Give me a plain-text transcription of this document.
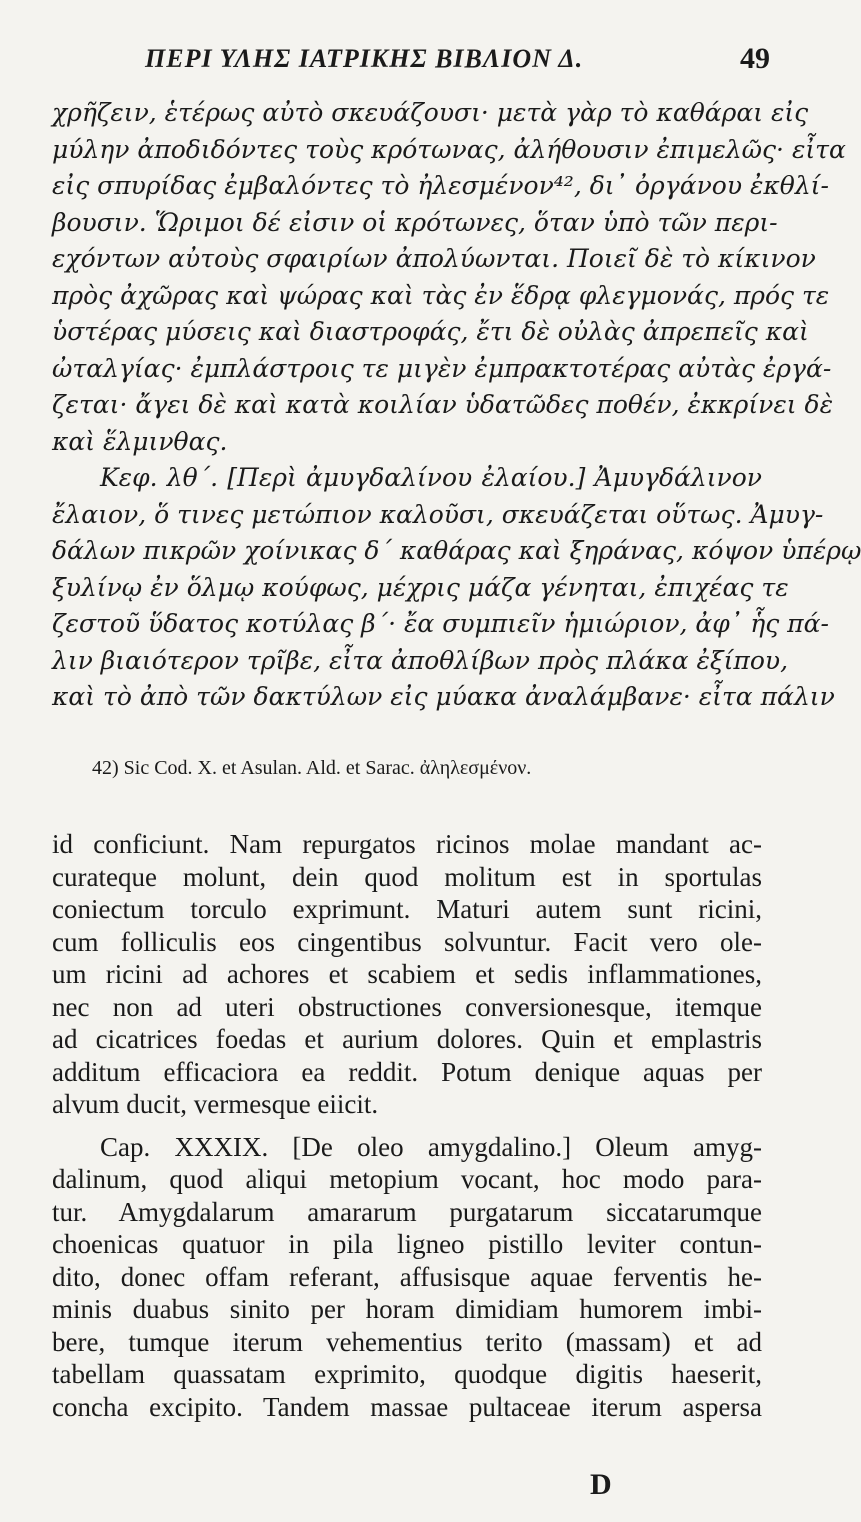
ΠΕΡΙ ΥΛΗΣ ΙΑΤΡΙΚΗΣ ΒΙΒΛΙΟΝ Δ.	49
χρῆζειν, ἑτέρως αὐτὸ σκευάζουσι· μετὰ γὰρ τὸ καθάραι εἰς
μύλην ἀποδιδόντες τοὺς κρότωνας, ἀλήθουσιν ἐπιμελῶς· εἶτα
εἰς σπυρίδας ἐμβαλόντες τὸ ἠλεσμένον⁴², δι᾽ ὀργάνου ἐκθλί-
βουσιν. Ὥριμοι δέ εἰσιν οἱ κρότωνες, ὅταν ὑπὸ τῶν περι-
εχόντων αὐτοὺς σφαιρίων ἀπολύωνται. Ποιεῖ δὲ τὸ κίκινον
πρὸς ἀχῶρας καὶ ψώρας καὶ τὰς ἐν ἕδρᾳ φλεγμονάς, πρός τε
ὑστέρας μύσεις καὶ διαστροφάς, ἔτι δὲ οὐλὰς ἀπρεπεῖς καὶ
ὠταλγίας· ἐμπλάστροις τε μιγὲν ἐμπρακτοτέρας αὐτὰς ἐργά-
ζεται· ἄγει δὲ καὶ κατὰ κοιλίαν ὑδατῶδες ποθέν, ἐκκρίνει δὲ
καὶ ἕλμινθας.
Κεφ. λθ΄. [Περὶ ἀμυγδαλίνου ἐλαίου.] Ἀμυγδάλινον
ἔλαιον, ὅ τινες μετώπιον καλοῦσι, σκευάζεται οὕτως. Ἀμυγ-
δάλων πικρῶν χοίνικας δ΄ καθάρας καὶ ξηράνας, κόψον ὑπέρῳ
ξυλίνῳ ἐν ὅλμῳ κούφως, μέχρις μάζα γένηται, ἐπιχέας τε
ζεστοῦ ὕδατος κοτύλας β΄· ἔα συμπιεῖν ἡμιώριον, ἀφ᾽ ἧς πά-
λιν βιαιότερον τρῖβε, εἶτα ἀποθλίβων πρὸς πλάκα ἐξίπου,
καὶ τὸ ἀπὸ τῶν δακτύλων εἰς μύακα ἀναλάμβανε· εἶτα πάλιν
42) Sic Cod. X. et Asulan. Ald. et Sarac. ἀληλεσμένον.
id conficiunt. Nam repurgatos ricinos molae mandant ac-
curateque molunt, dein quod molitum est in sportulas
coniectum torculo exprimunt. Maturi autem sunt ricini,
cum folliculis eos cingentibus solvuntur. Facit vero ole-
um ricini ad achores et scabiem et sedis inflammationes,
nec non ad uteri obstructiones conversionesque, itemque
ad cicatrices foedas et aurium dolores. Quin et emplastris
additum efficaciora ea reddit. Potum denique aquas per
alvum ducit, vermesque eiicit.
Cap. XXXIX. [De oleo amygdalino.] Oleum amyg-
dalinum, quod aliqui metopium vocant, hoc modo para-
tur. Amygdalarum amararum purgatarum siccatarumque
choenicas quatuor in pila ligneo pistillo leviter contun-
dito, donec offam referant, affusisque aquae ferventis he-
minis duabus sinito per horam dimidiam humorem imbi-
bere, tumque iterum vehementius terito (massam) et ad
tabellam quassatam exprimito, quodque digitis haeserit,
concha excipito. Tandem massae pultaceae iterum aspersa
D
